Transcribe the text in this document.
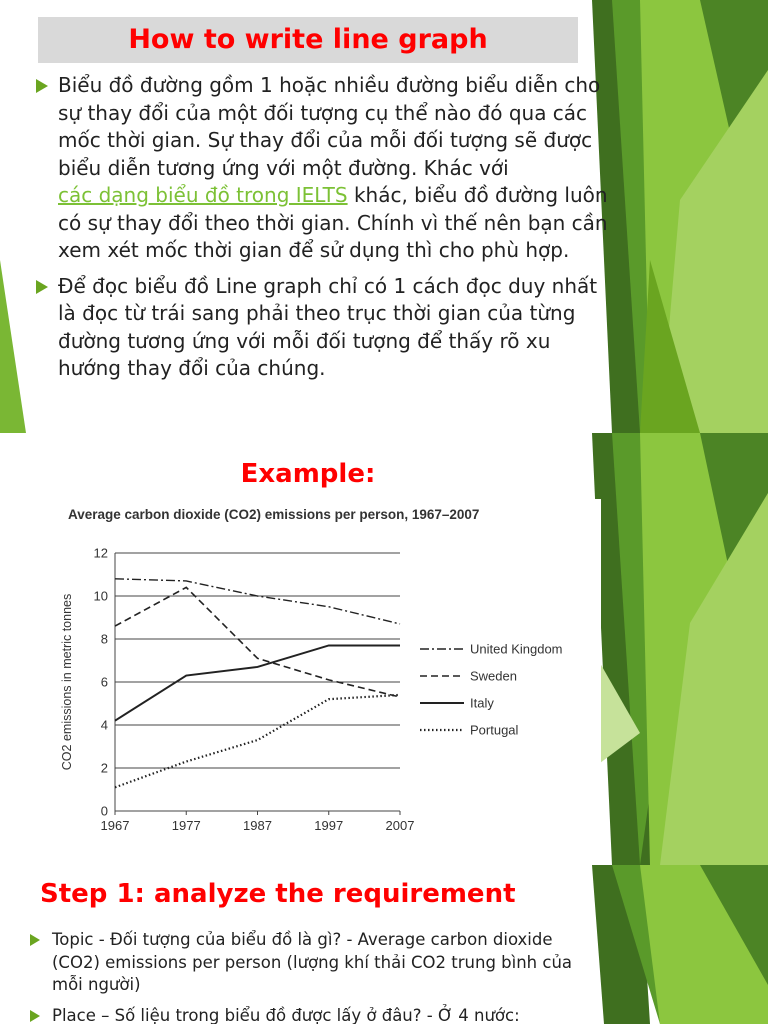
How to write line graph
Biểu đồ đường gồm 1 hoặc nhiều đường biểu diễn cho sự thay đổi của một đối tượng cụ thể nào đó qua các mốc thời gian. Sự thay đổi của mỗi đối tượng sẽ được biểu diễn tương ứng với một đường. Khác với
các dạng biểu đồ trong IELTS khác, biểu đồ đường luôn có sự thay đổi theo thời gian. Chính vì thế nên bạn cần xem xét mốc thời gian để sử dụng thì cho phù hợp.
Để đọc biểu đồ Line graph chỉ có 1 cách đọc duy nhất là đọc từ trái sang phải theo trục thời gian của từng đường tương ứng với mỗi đối tượng để thấy rõ xu hướng thay đổi của chúng.
Example:
Average carbon dioxide (CO2) emissions per person, 1967–2007
0
2
4
6
8
10
12
1967	1977	1987	1997	2007
CO2 emissions in metric tonnes	United Kingdom
Sweden
Italy
Portugal
Step 1: analyze the requirement
Topic - Đối tượng của biểu đồ là gì? - Average carbon dioxide (CO2) emissions per person (lượng khí thải CO2 trung bình của mỗi người)
Place – Số liệu trong biểu đồ được lấy ở đâu? - Ở 4 nước:
